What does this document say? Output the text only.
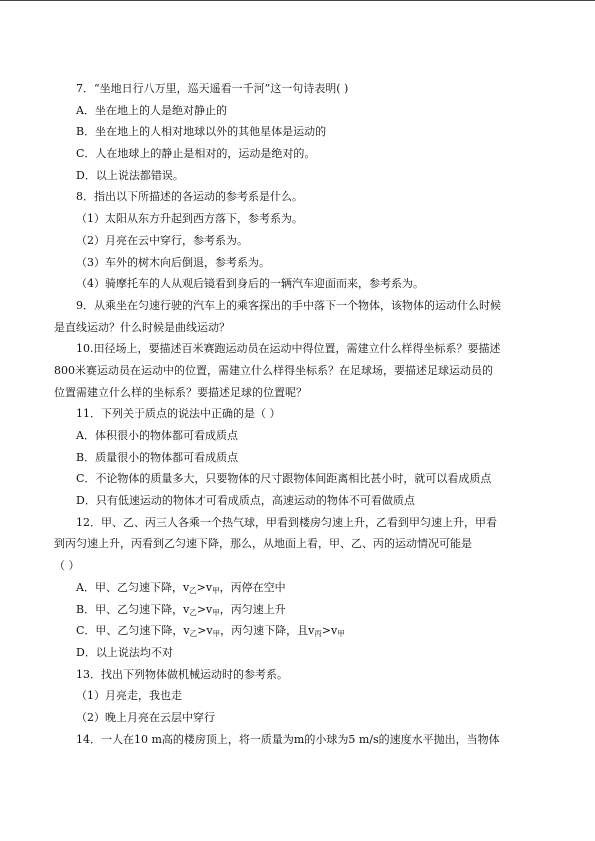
7．“坐地日行八万里，巡天遥看一千河”这一句诗表明( )
A．坐在地上的人是绝对静止的
B．坐在地上的人相对地球以外的其他星体是运动的
C．人在地球上的静止是相对的，运动是绝对的。
D．以上说法都错误。
8．指出以下所描述的各运动的参考系是什么。
（1）太阳从东方升起到西方落下，参考系为。
（2）月亮在云中穿行，参考系为。
（3）车外的树木向后倒退，参考系为。
（4）骑摩托车的人从观后镜看到身后的一辆汽车迎面而来，参考系为。
9．从乘坐在匀速行驶的汽车上的乘客探出的手中落下一个物体，该物体的运动什么时候
是直线运动？什么时候是曲线运动？
10.田径场上，要描述百米赛跑运动员在运动中得位置，需建立什么样得坐标系？要描述
800米赛运动员在运动中的位置，需建立什么样得坐标系？在足球场，要描述足球运动员的
位置需建立什么样的坐标系？要描述足球的位置呢？
11．下列关于质点的说法中正确的是（ ）
A．体积很小的物体都可看成质点
B．质量很小的物体都可看成质点
C．不论物体的质量多大，只要物体的尺寸跟物体间距离相比甚小时，就可以看成质点
D．只有低速运动的物体才可看成质点，高速运动的物体不可看做质点
12．甲、乙、丙三人各乘一个热气球，甲看到楼房匀速上升，乙看到甲匀速上升，甲看
到丙匀速上升，丙看到乙匀速下降，那么，从地面上看，甲、乙、丙的运动情况可能是
（ ）
A．甲、乙匀速下降，$v_乙>v_甲$，丙停在空中
B．甲、乙匀速下降，$v_乙>v_甲$，丙匀速上升
C．甲、乙匀速下降，$v_乙>v_甲$，丙匀速下降，且$v_丙>v_甲$
D．以上说法均不对
13．找出下列物体做机械运动时的参考系。
（1）月亮走，我也走
（2）晚上月亮在云层中穿行
14．一人在10 m高的楼房顶上，将一质量为m的小球为5 m/s的速度水平抛出，当物体
